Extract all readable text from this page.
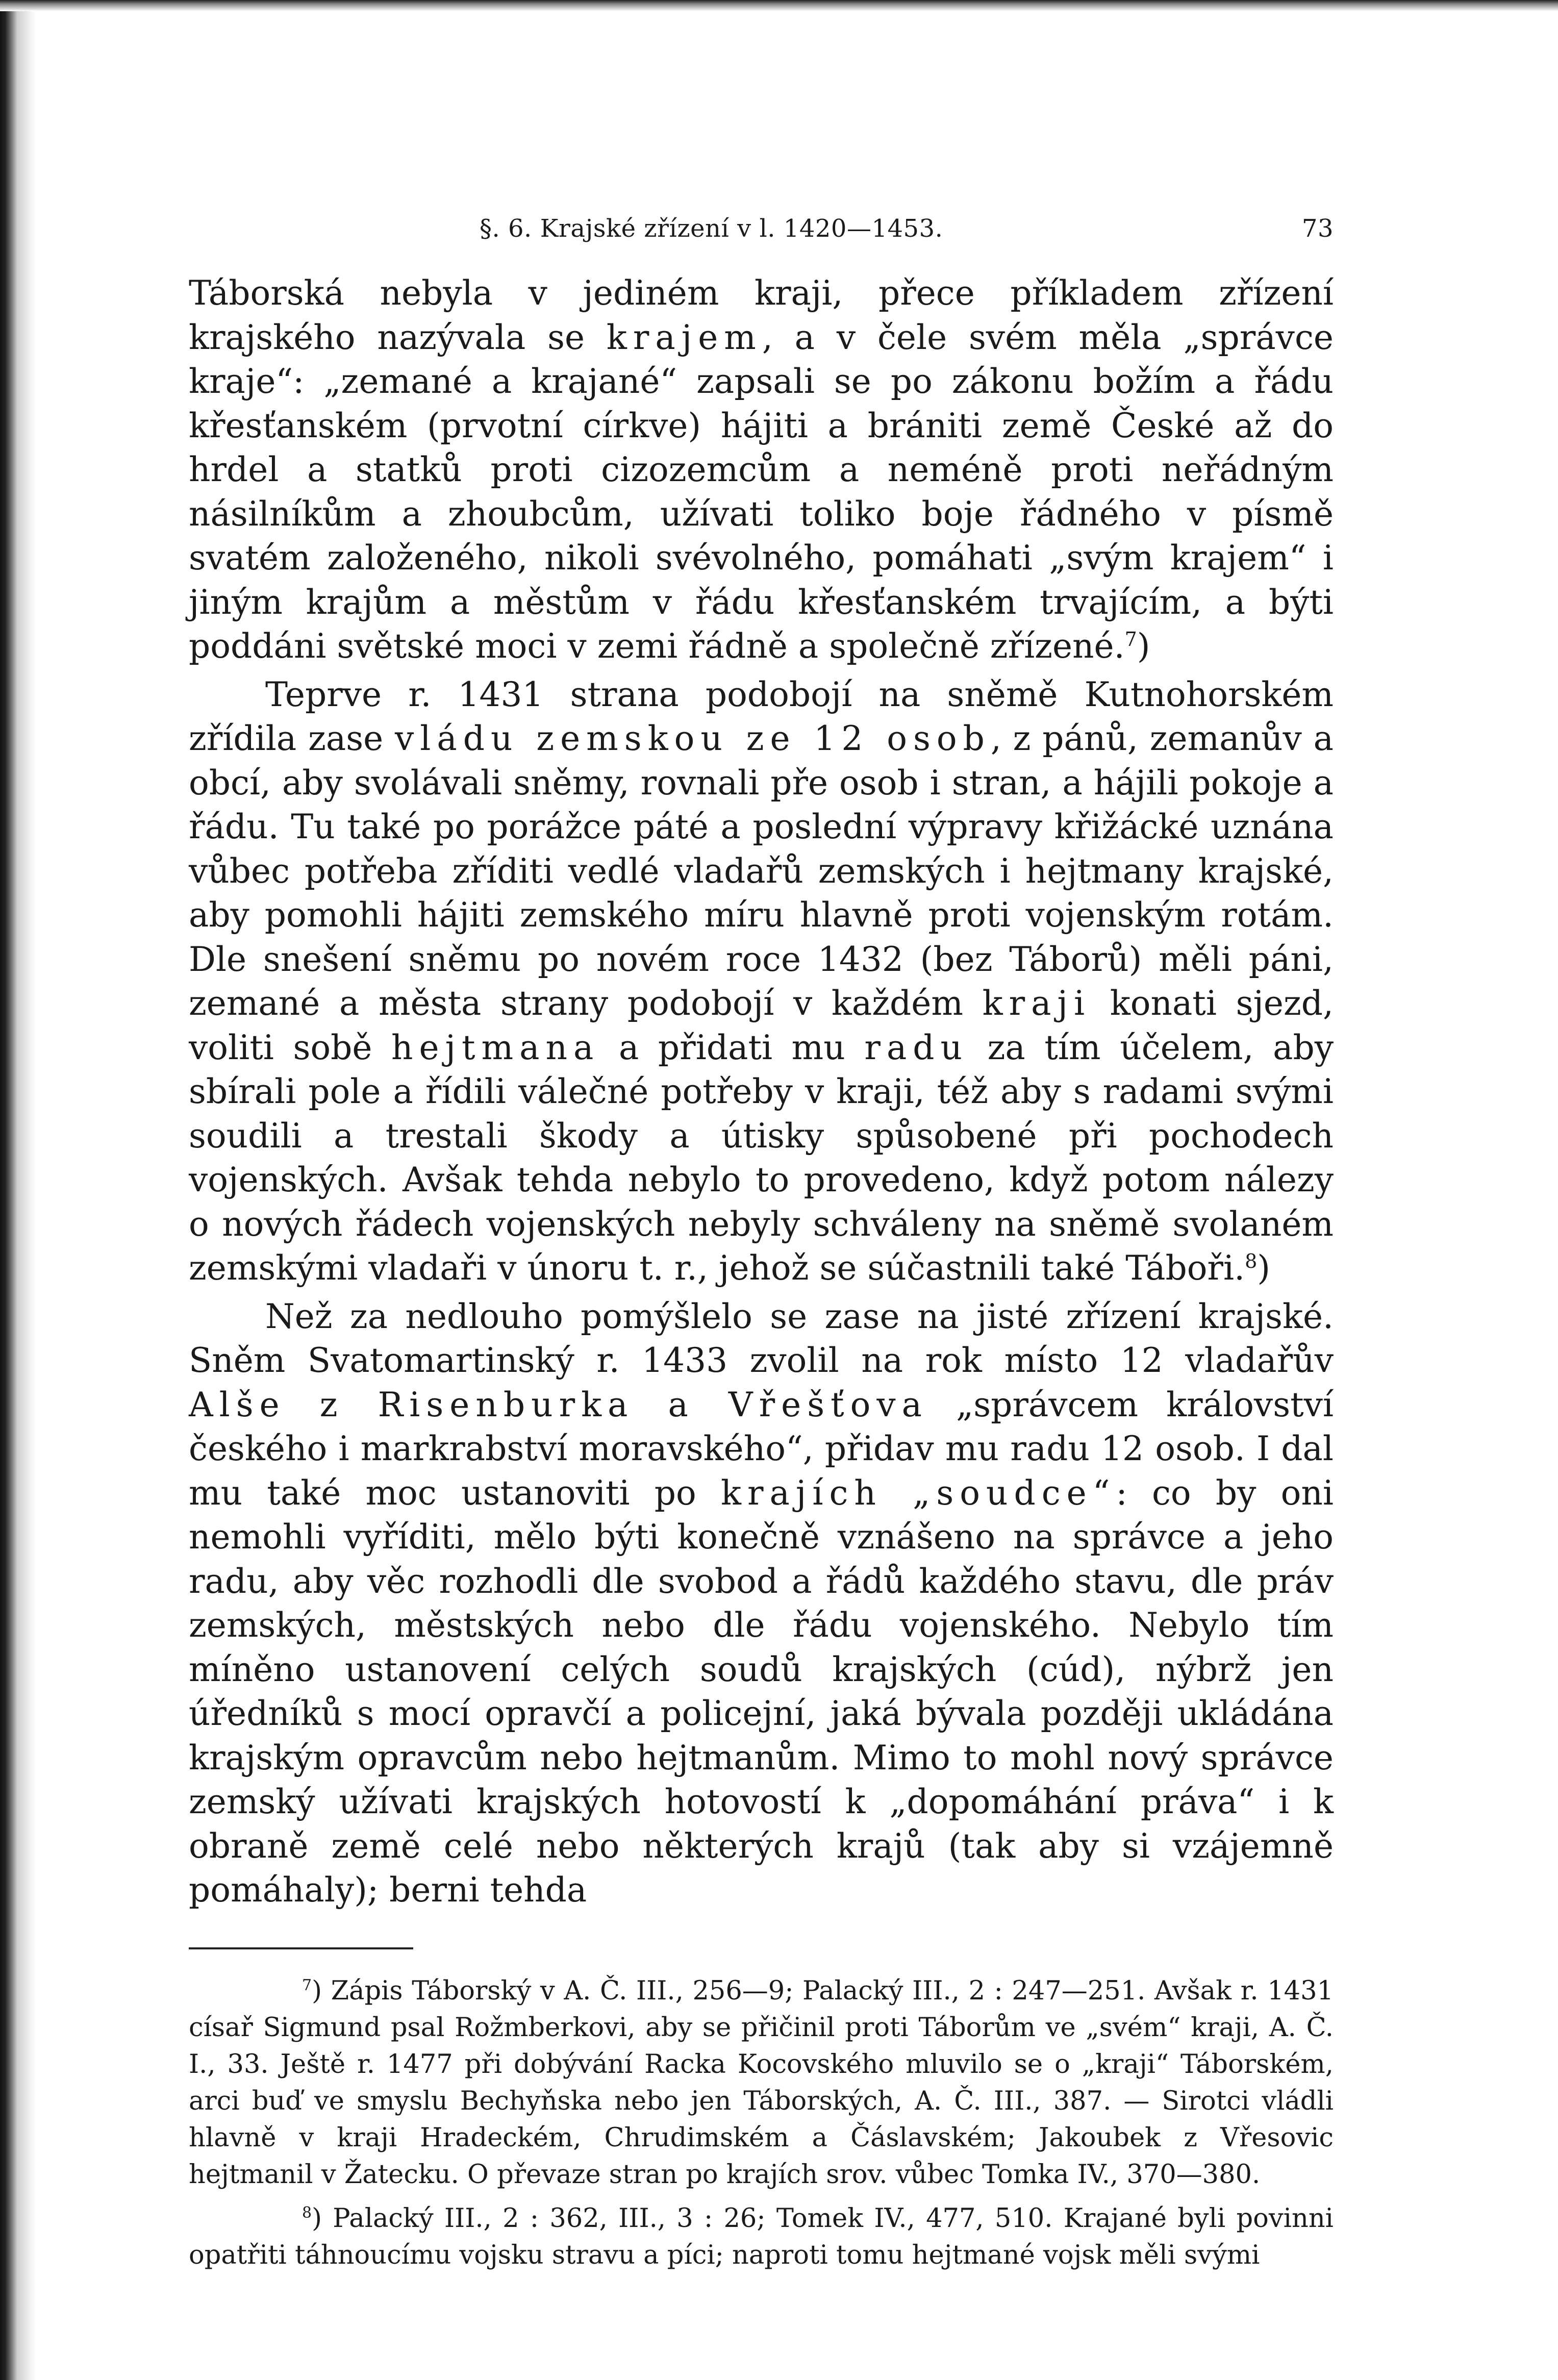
§. 6. Krajské zřízení v l. 1420—1453.	73

Táborská nebyla v jediném kraji, přece příkladem zřízení krajského nazývala se krajem, a v čele svém měla „správce kraje“: „zemané a krajané“ zapsali se po zákonu božím a řádu křesťanském (prvotní církve) hájiti a brániti země České až do hrdel a statků proti cizozemcům a neméně proti neřádným násilníkům a zhoubcům, užívati toliko boje řádného v písmě svatém založeného, nikoli svévolného, pomáhati „svým krajem“ i jiným krajům a městům v řádu křesťanském trvajícím, a býti poddáni světské moci v zemi řádně a společně zřízené.$^7$)

Teprve r. 1431 strana podobojí na sněmě Kutnohorském zřídila zase vládu zemskou ze 12 osob, z pánů, zemanův a obcí, aby svolávali sněmy, rovnali pře osob i stran, a hájili pokoje a řádu. Tu také po porážce páté a poslední výpravy křižácké uznána vůbec potřeba zříditi vedlé vladařů zemských i hejtmany krajské, aby pomohli hájiti zemského míru hlavně proti vojenským rotám. Dle snešení sněmu po novém roce 1432 (bez Táborů) měli páni, zemané a města strany podobojí v každém kraji konati sjezd, voliti sobě hejtmana a přidati mu radu za tím účelem, aby sbírali pole a řídili válečné potřeby v kraji, též aby s radami svými soudili a trestali škody a útisky spůsobené při pochodech vojenských. Avšak tehda nebylo to provedeno, když potom nálezy o nových řádech vojenských nebyly schváleny na sněmě svolaném zemskými vladaři v únoru t. r., jehož se súčastnili také Táboři.$^8$)

Než za nedlouho pomýšlelo se zase na jisté zřízení krajské. Sněm Svatomartinský r. 1433 zvolil na rok místo 12 vladařův Alše z Risenburka a Vřešťova „správcem království českého i markrabství moravského“, přidav mu radu 12 osob. I dal mu také moc ustanoviti po krajích „soudce“: co by oni nemohli vyříditi, mělo býti konečně vznášeno na správce a jeho radu, aby věc rozhodli dle svobod a řádů každého stavu, dle práv zemských, městských nebo dle řádu vojenského. Nebylo tím míněno ustanovení celých soudů krajských (cúd), nýbrž jen úředníků s mocí opravčí a policejní, jaká bývala později ukládána krajským opravcům nebo hejtmanům. Mimo to mohl nový správce zemský užívati krajských hotovostí k „dopomáhání práva“ i k obraně země celé nebo některých krajů (tak aby si vzájemně pomáhaly); berni tehda

$^7$) Zápis Táborský v A. Č. III., 256—9; Palacký III., 2 : 247—251. Avšak r. 1431 císař Sigmund psal Rožmberkovi, aby se přičinil proti Táborům ve „svém“ kraji, A. Č. I., 33. Ještě r. 1477 při dobývání Racka Kocovského mluvilo se o „kraji“ Táborském, arci buď ve smyslu Bechyňska nebo jen Táborských, A. Č. III., 387. — Sirotci vládli hlavně v kraji Hradeckém, Chrudimském a Čáslavském; Jakoubek z Vřesovic hejtmanil v Žatecku. O převaze stran po krajích srov. vůbec Tomka IV., 370—380.

$^8$) Palacký III., 2 : 362, III., 3 : 26; Tomek IV., 477, 510. Krajané byli povinni opatřiti táhnoucímu vojsku stravu a píci; naproti tomu hejtmané vojsk měli svými
